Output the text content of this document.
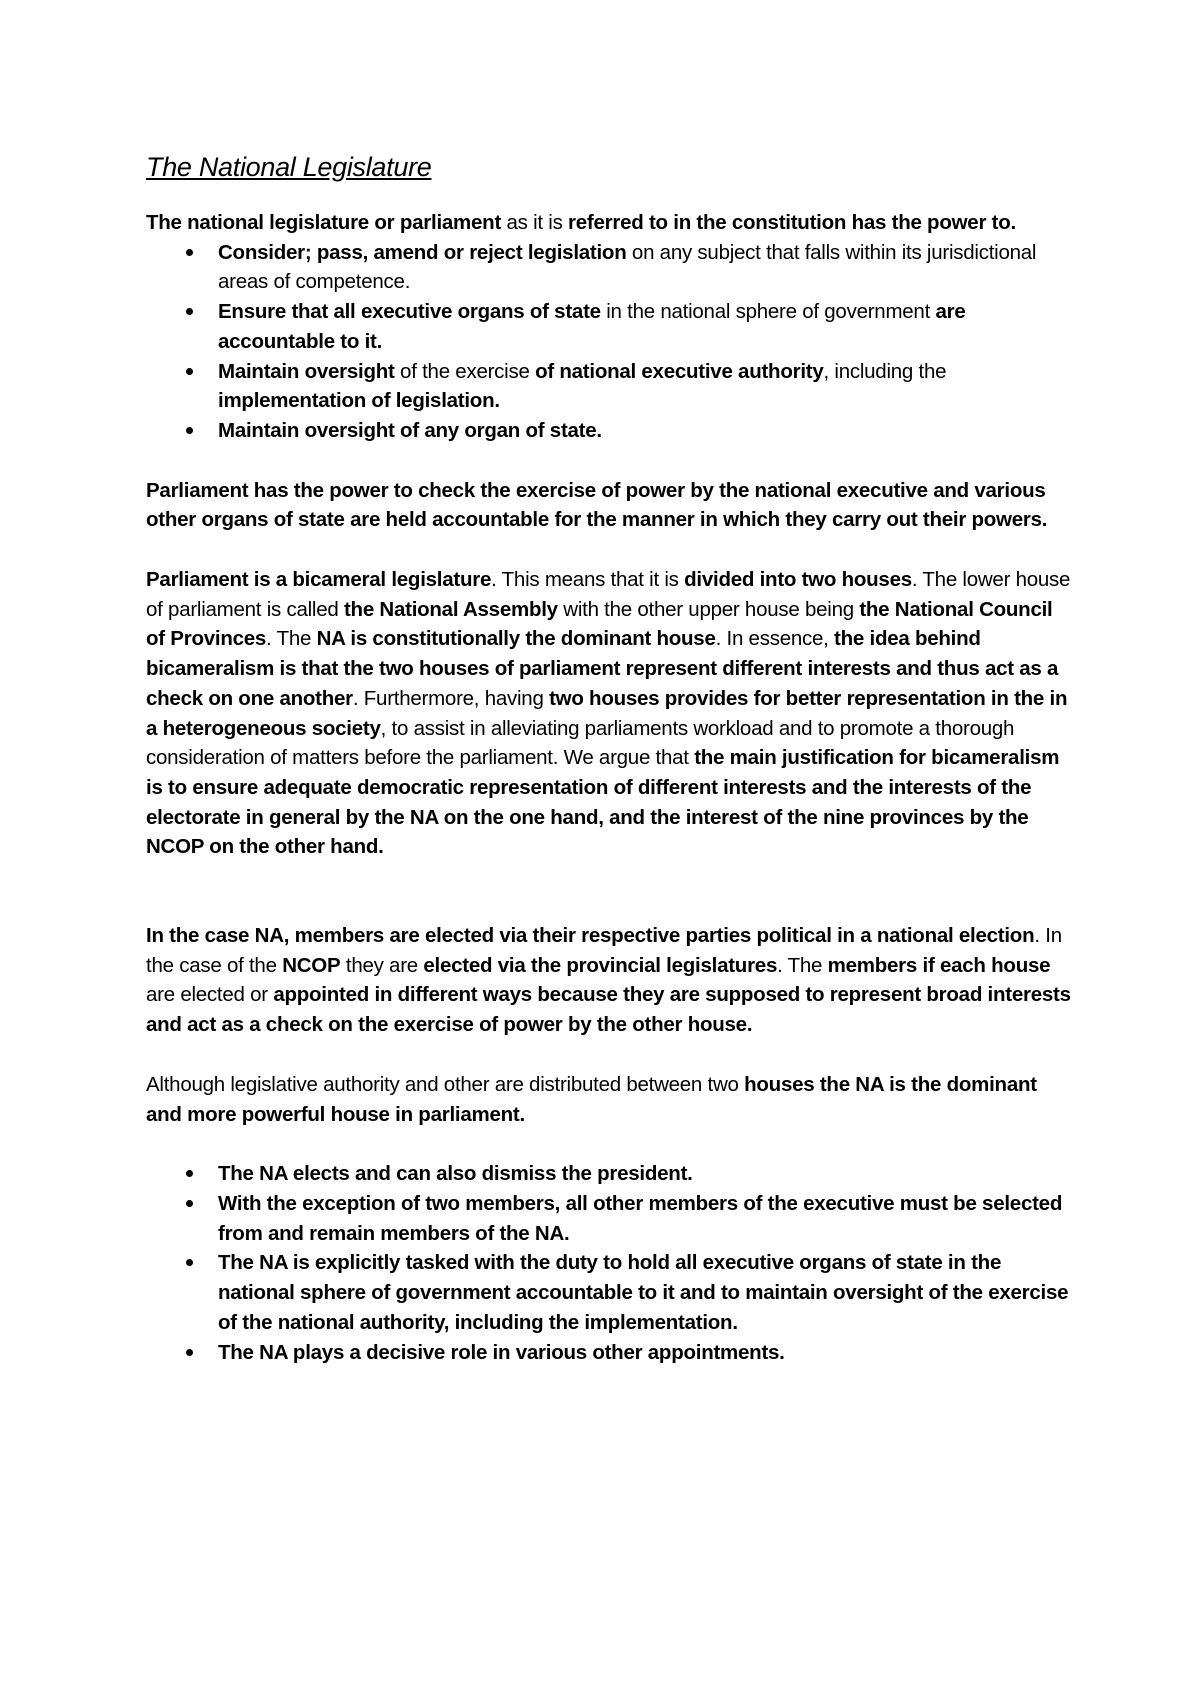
The National Legislature

The national legislature or parliament as it is referred to in the constitution has the power to.

Consider; pass, amend or reject legislation on any subject that falls within its jurisdictional areas of competence.
Ensure that all executive organs of state in the national sphere of government are accountable to it.
Maintain oversight of the exercise of national executive authority, including the implementation of legislation.
Maintain oversight of any organ of state.

Parliament has the power to check the exercise of power by the national executive and various other organs of state are held accountable for the manner in which they carry out their powers.

Parliament is a bicameral legislature. This means that it is divided into two houses. The lower house of parliament is called the National Assembly with the other upper house being the National Council of Provinces. The NA is constitutionally the dominant house. In essence, the idea behind bicameralism is that the two houses of parliament represent different interests and thus act as a check on one another. Furthermore, having two houses provides for better representation in the in a heterogeneous society, to assist in alleviating parliaments workload and to promote a thorough consideration of matters before the parliament. We argue that the main justification for bicameralism is to ensure adequate democratic representation of different interests and the interests of the electorate in general by the NA on the one hand, and the interest of the nine provinces by the NCOP on the other hand.

In the case NA, members are elected via their respective parties political in a national election. In the case of the NCOP they are elected via the provincial legislatures. The members if each house are elected or appointed in different ways because they are supposed to represent broad interests and act as a check on the exercise of power by the other house.

Although legislative authority and other are distributed between two houses the NA is the dominant and more powerful house in parliament.

The NA elects and can also dismiss the president.
With the exception of two members, all other members of the executive must be selected from and remain members of the NA.
The NA is explicitly tasked with the duty to hold all executive organs of state in the national sphere of government accountable to it and to maintain oversight of the exercise of the national authority, including the implementation.
The NA plays a decisive role in various other appointments.
